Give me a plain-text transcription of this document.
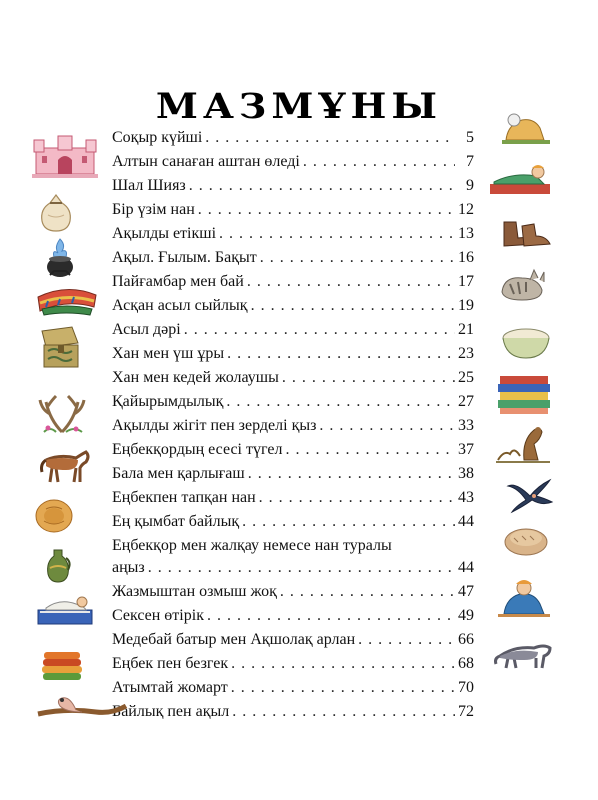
МАЗМҰНЫ
Соқыр күйші . . .	5
Алтын санаған аштан өледі . . .	7
Шал Шияз . . .	9
Бір үзім нан . . .	12
Ақылды етікші . . .	13
Ақыл. Ғылым. Бақыт . . .	16
Пайғамбар мен бай . . .	17
Асқан асыл сыйлық . . .	19
Асыл дәрі . . .	21
Хан мен үш ұры . . .	23
Хан мен кедей жолаушы . . .	25
Қайырымдылық . . .	27
Ақылды жігіт пен зерделі қыз . . .	33
Еңбекқордың есесі түгел . . .	37
Бала мен қарлығаш . . .	38
Еңбекпен тапқан нан . . .	43
Ең қымбат байлық . . .	44
Еңбекқор мен жалқау немесе нан туралы
аңыз . . .	44
Жазмыштан озмыш жоқ . . .	47
Сексен өтірік . . .	49
Медебай батыр мен Ақшолақ арлан . . .	66
Еңбек пен безгек . . .	68
Атымтай жомарт . . .	70
Байлық пен ақыл . . .	72
